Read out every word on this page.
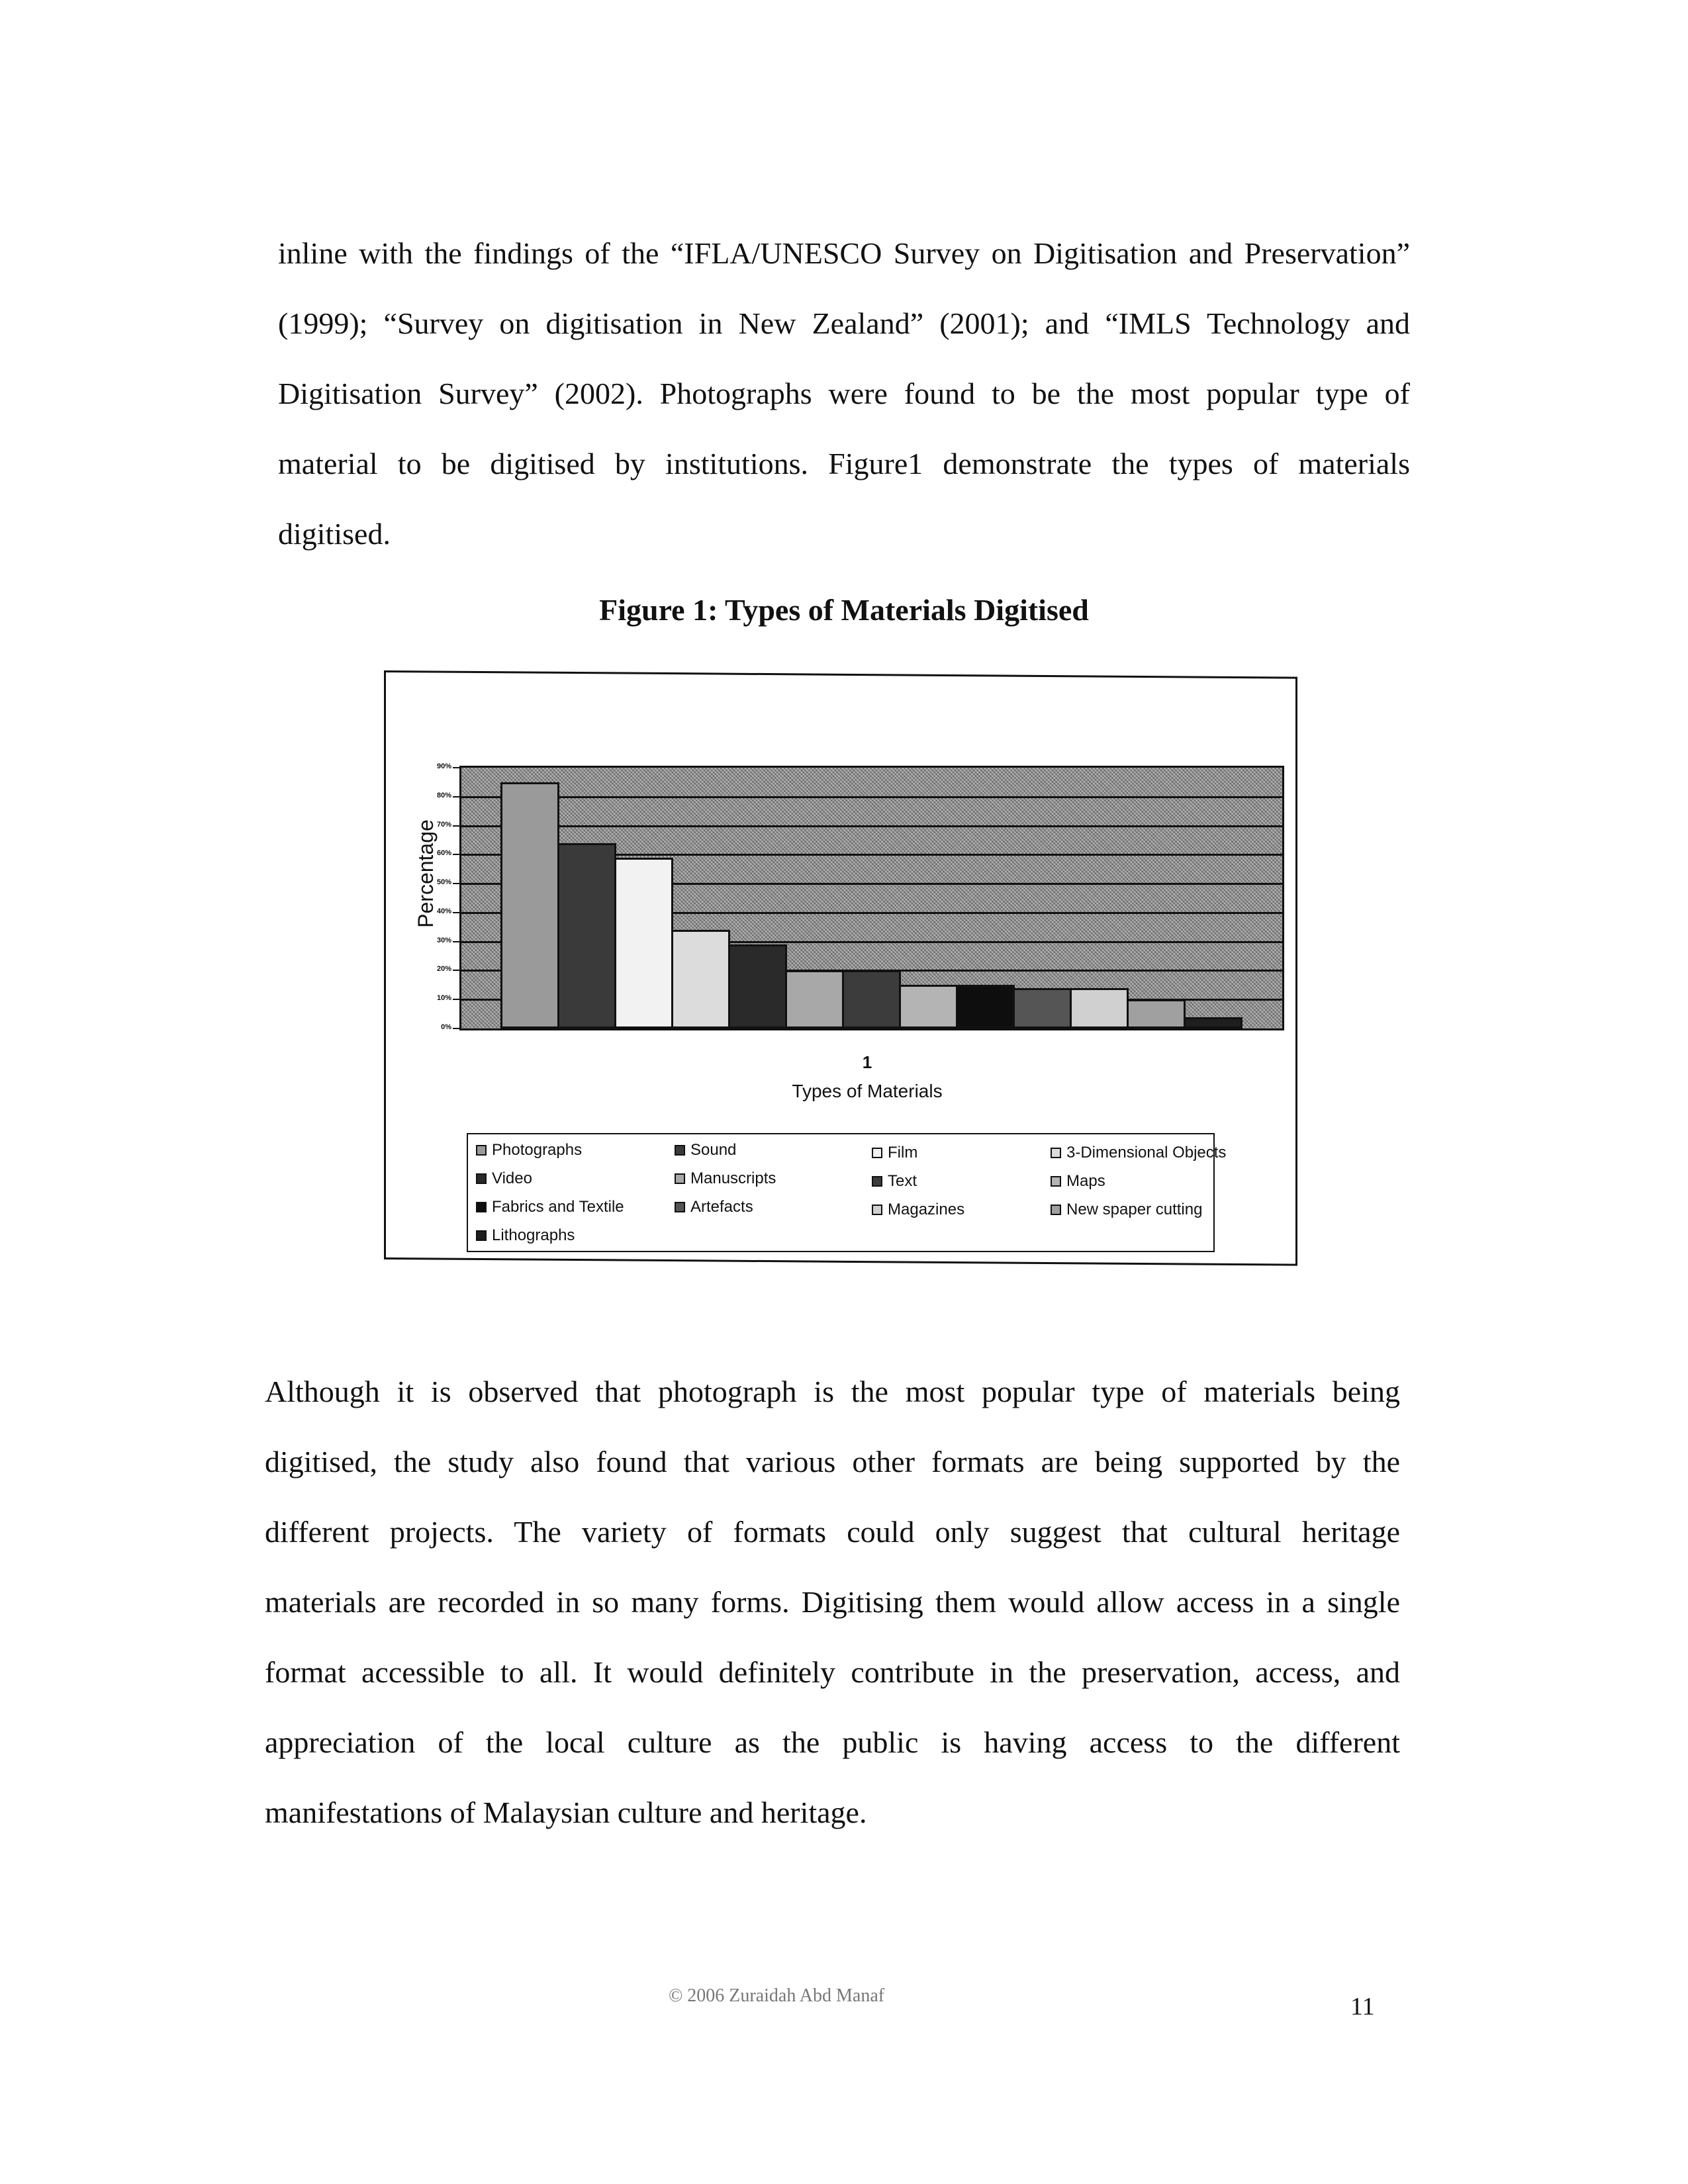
inline with the findings of the “IFLA/UNESCO Survey on Digitisation and Preservation”
(1999); “Survey on digitisation in New Zealand” (2001); and “IMLS Technology and
Digitisation Survey” (2002). Photographs were found to be the most popular type of
material to be digitised by institutions. Figure1 demonstrate the types of materials
digitised.
Figure 1: Types of Materials Digitised
Percentage
0%
10%
20%
30%
40%
50%
60%
70%
80%
90%
1
Types of Materials
Photographs	Sound	Film	3-Dimensional Objects
Video	Manuscripts	Text	Maps
Fabrics and Textile	Artefacts	Magazines	New spaper cutting
Lithographs
Although it is observed that photograph is the most popular type of materials being
digitised, the study also found that various other formats are being supported by the
different projects. The variety of formats could only suggest that cultural heritage
materials are recorded in so many forms. Digitising them would allow access in a single
format accessible to all. It would definitely contribute in the preservation, access, and
appreciation of the local culture as the public is having access to the different
manifestations of Malaysian culture and heritage.
© 2006 Zuraidah Abd Manaf	11
